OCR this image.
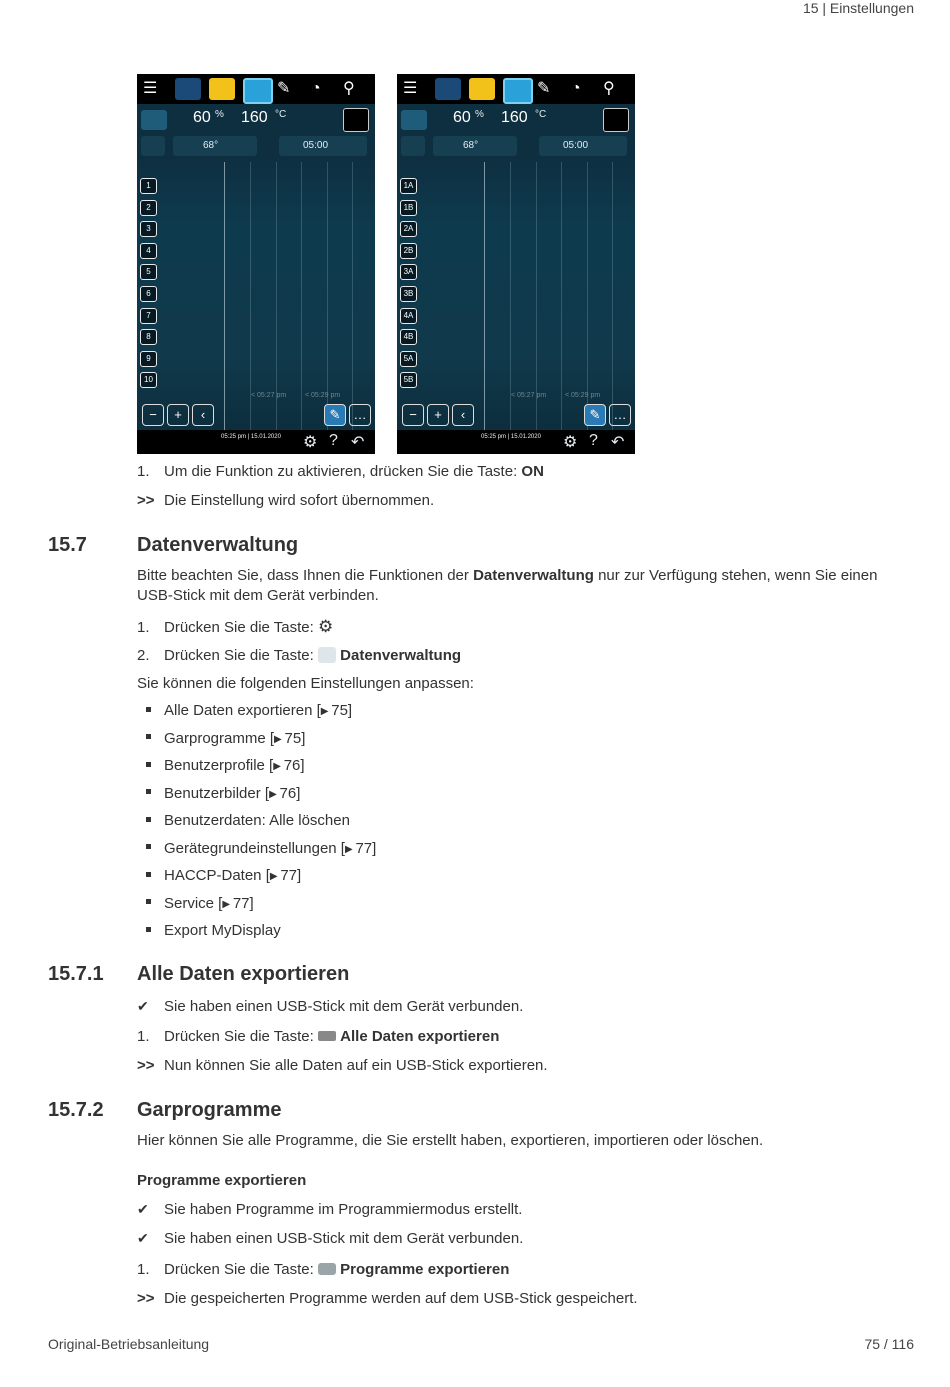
15 | Einstellungen
☰	✎	◔	⚲
60 % 160 °C
68°	05:00
1
2
3
4
5
6
7
8
9
10
< 05:27 pm	< 05:29 pm
−	+	‹	✎	…
05:25 pm | 15.01.2020 ⚙ ? ↶
☰	✎	◔	⚲
60 % 160 °C
68°	05:00
1A
1B
2A
2B
3A
3B
4A
4B
5A
5B
< 05:27 pm	< 05:29 pm
−	+	‹	✎	…
05:25 pm | 15.01.2020 ⚙ ? ↶
1. Um die Funktion zu aktivieren, drücken Sie die Taste: ON
>> Die Einstellung wird sofort übernommen.
15.7	Datenverwaltung
Bitte beachten Sie, dass Ihnen die Funktionen der Datenverwaltung nur zur Verfügung stehen, wenn Sie einen USB-Stick mit dem Gerät verbinden.
1. Drücken Sie die Taste: ⚙
2. Drücken Sie die Taste: Datenverwaltung
Sie können die folgenden Einstellungen anpassen:
Alle Daten exportieren [▶ 75]
Garprogramme [▶ 75]
Benutzerprofile [▶ 76]
Benutzerbilder [▶ 76]
Benutzerdaten: Alle löschen
Gerätegrundeinstellungen [▶ 77]
HACCP-Daten [▶ 77]
Service [▶ 77]
Export MyDisplay
15.7.1 Alle Daten exportieren
✔ Sie haben einen USB-Stick mit dem Gerät verbunden.
1. Drücken Sie die Taste: Alle Daten exportieren
>> Nun können Sie alle Daten auf ein USB-Stick exportieren.
15.7.2 Garprogramme
Hier können Sie alle Programme, die Sie erstellt haben, exportieren, importieren oder löschen.
Programme exportieren
✔ Sie haben Programme im Programmiermodus erstellt.
✔ Sie haben einen USB-Stick mit dem Gerät verbunden.
1. Drücken Sie die Taste: Programme exportieren
>> Die gespeicherten Programme werden auf dem USB-Stick gespeichert.
Original-Betriebsanleitung	75 / 116
